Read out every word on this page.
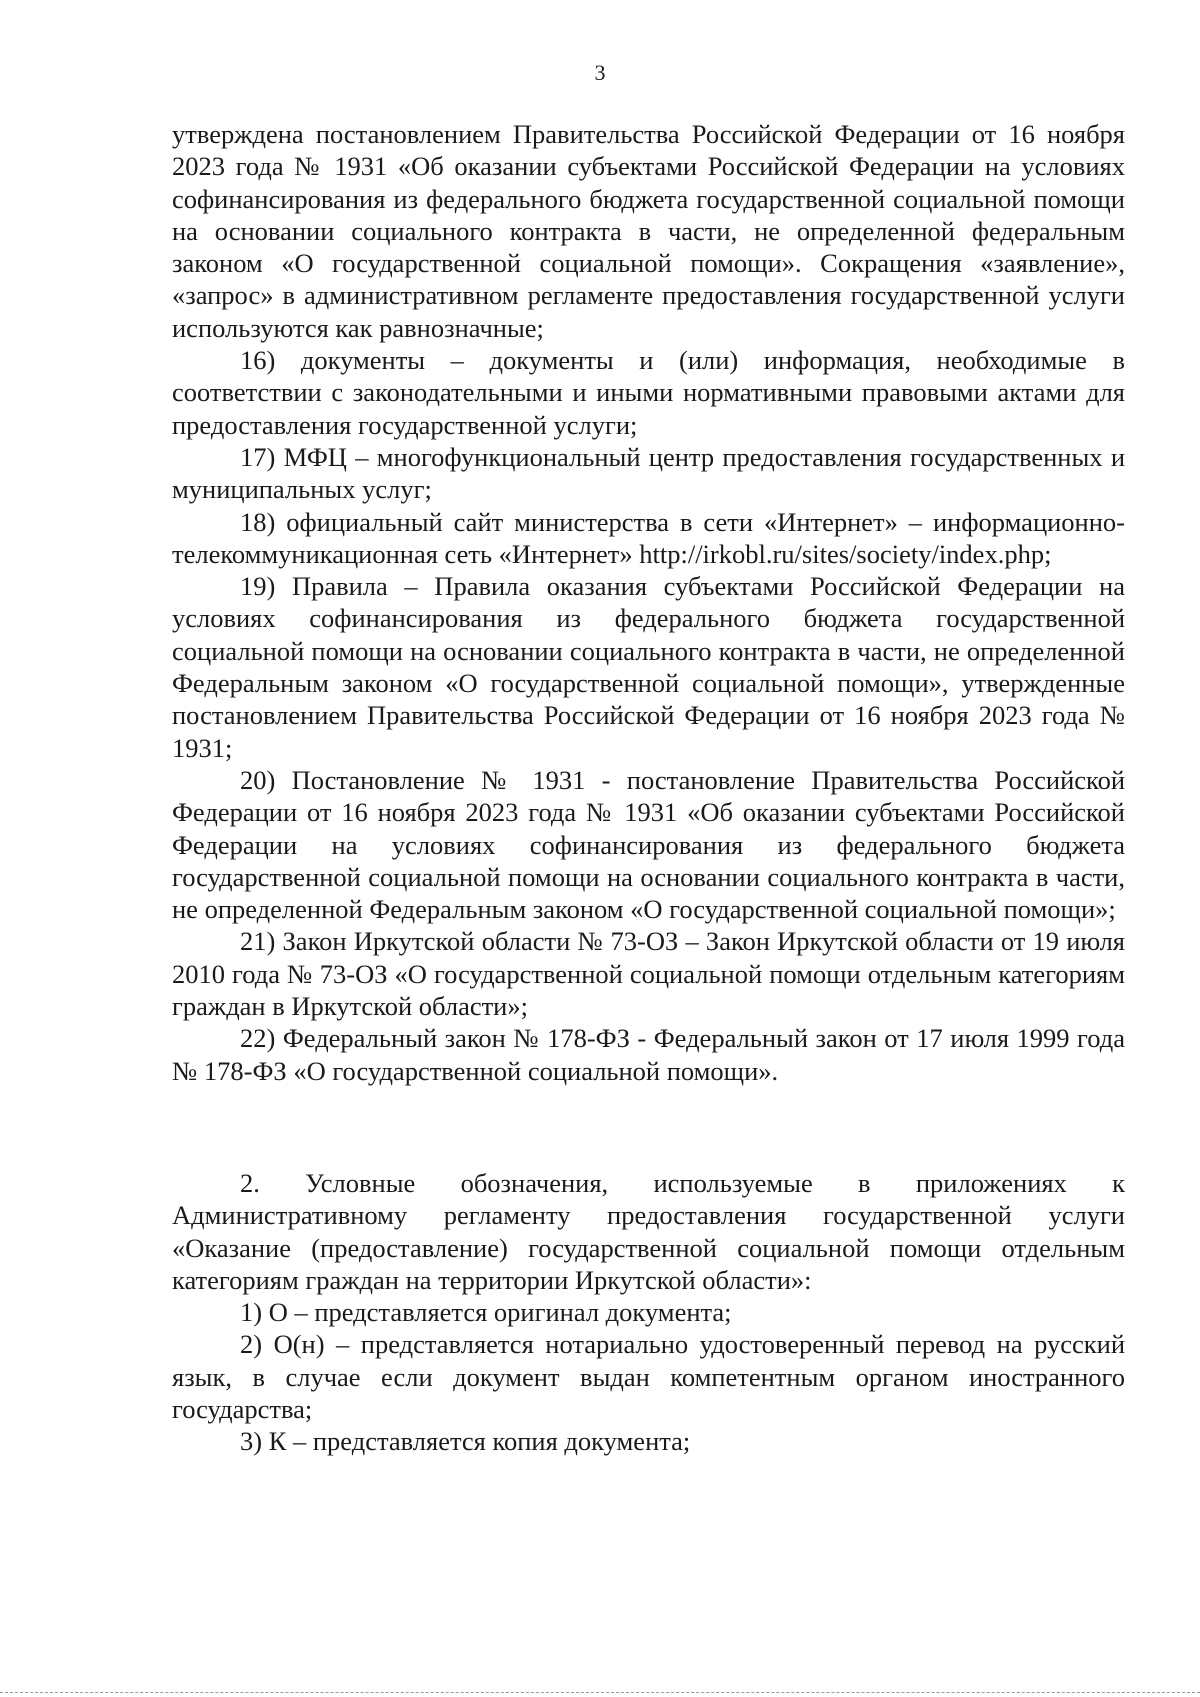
3

утверждена постановлением Правительства Российской Федерации от 16 ноября 2023 года № 1931 «Об оказании субъектами Российской Федерации на условиях софинансирования из федерального бюджета государственной социальной помощи на основании социального контракта в части, не определенной федеральным законом «О государственной социальной помощи». Сокращения «заявление», «запрос» в административном регламенте предоставления государственной услуги используются как равнозначные;

16) документы – документы и (или) информация, необходимые в соответствии с законодательными и иными нормативными правовыми актами для предоставления государственной услуги;

17) МФЦ – многофункциональный центр предоставления государственных и муниципальных услуг;

18) официальный сайт министерства в сети «Интернет» – информационно-телекоммуникационная сеть «Интернет» http://irkobl.ru/sites/society/index.php;

19) Правила – Правила оказания субъектами Российской Федерации на условиях софинансирования из федерального бюджета государственной социальной помощи на основании социального контракта в части, не определенной Федеральным законом «О государственной социальной помощи», утвержденные постановлением Правительства Российской Федерации от 16 ноября 2023 года № 1931;

20) Постановление № 1931 - постановление Правительства Российской Федерации от 16 ноября 2023 года № 1931 «Об оказании субъектами Российской Федерации на условиях софинансирования из федерального бюджета государственной социальной помощи на основании социального контракта в части, не определенной Федеральным законом «О государственной социальной помощи»;

21) Закон Иркутской области № 73-ОЗ – Закон Иркутской области от 19 июля 2010 года № 73-ОЗ «О государственной социальной помощи отдельным категориям граждан в Иркутской области»;

22) Федеральный закон № 178-ФЗ - Федеральный закон от 17 июля 1999 года № 178-ФЗ «О государственной социальной помощи».

2. Условные обозначения, используемые в приложениях к Административному регламенту предоставления государственной услуги «Оказание (предоставление) государственной социальной помощи отдельным категориям граждан на территории Иркутской области»:

1) О – представляется оригинал документа;

2) О(н) – представляется нотариально удостоверенный перевод на русский язык, в случае если документ выдан компетентным органом иностранного государства;

3) К – представляется копия документа;
